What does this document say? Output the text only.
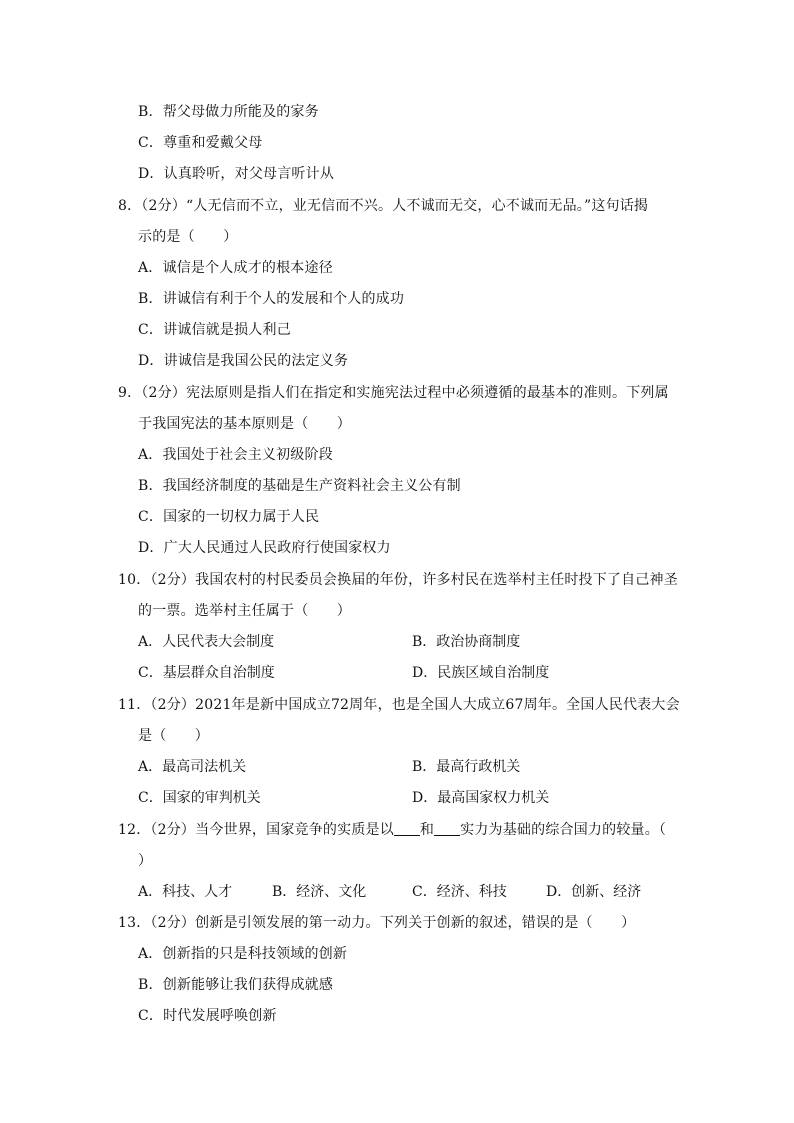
B．帮父母做力所能及的家务
C．尊重和爱戴父母
D．认真聆听，对父母言听计从
8．（2分）“人无信而不立，业无信而不兴。人不诚而无交，心不诚而无品。”这句话揭
示的是（　　）
A．诚信是个人成才的根本途径
B．讲诚信有利于个人的发展和个人的成功
C．讲诚信就是损人利己
D．讲诚信是我国公民的法定义务
9．（2分）宪法原则是指人们在指定和实施宪法过程中必须遵循的最基本的准则。下列属
于我国宪法的基本原则是（　　）
A．我国处于社会主义初级阶段
B．我国经济制度的基础是生产资料社会主义公有制
C．国家的一切权力属于人民
D．广大人民通过人民政府行使国家权力
10．（2分）我国农村的村民委员会换届的年份，许多村民在选举村主任时投下了自己神圣
的一票。选举村主任属于（　　）
A．人民代表大会制度	B．政治协商制度
C．基层群众自治制度	D．民族区域自治制度
11．（2分）2021年是新中国成立72周年，也是全国人大成立67周年。全国人民代表大会
是（　　）
A．最高司法机关	B．最高行政机关
C．国家的审判机关	D．最高国家权力机关
12．（2分）当今世界，国家竞争的实质是以 和 实力为基础的综合国力的较量。（
）
A．科技、人才	B．经济、文化	C．经济、科技	D．创新、经济
13．（2分）创新是引领发展的第一动力。下列关于创新的叙述，错误的是（　　）
A．创新指的只是科技领域的创新
B．创新能够让我们获得成就感
C．时代发展呼唤创新
